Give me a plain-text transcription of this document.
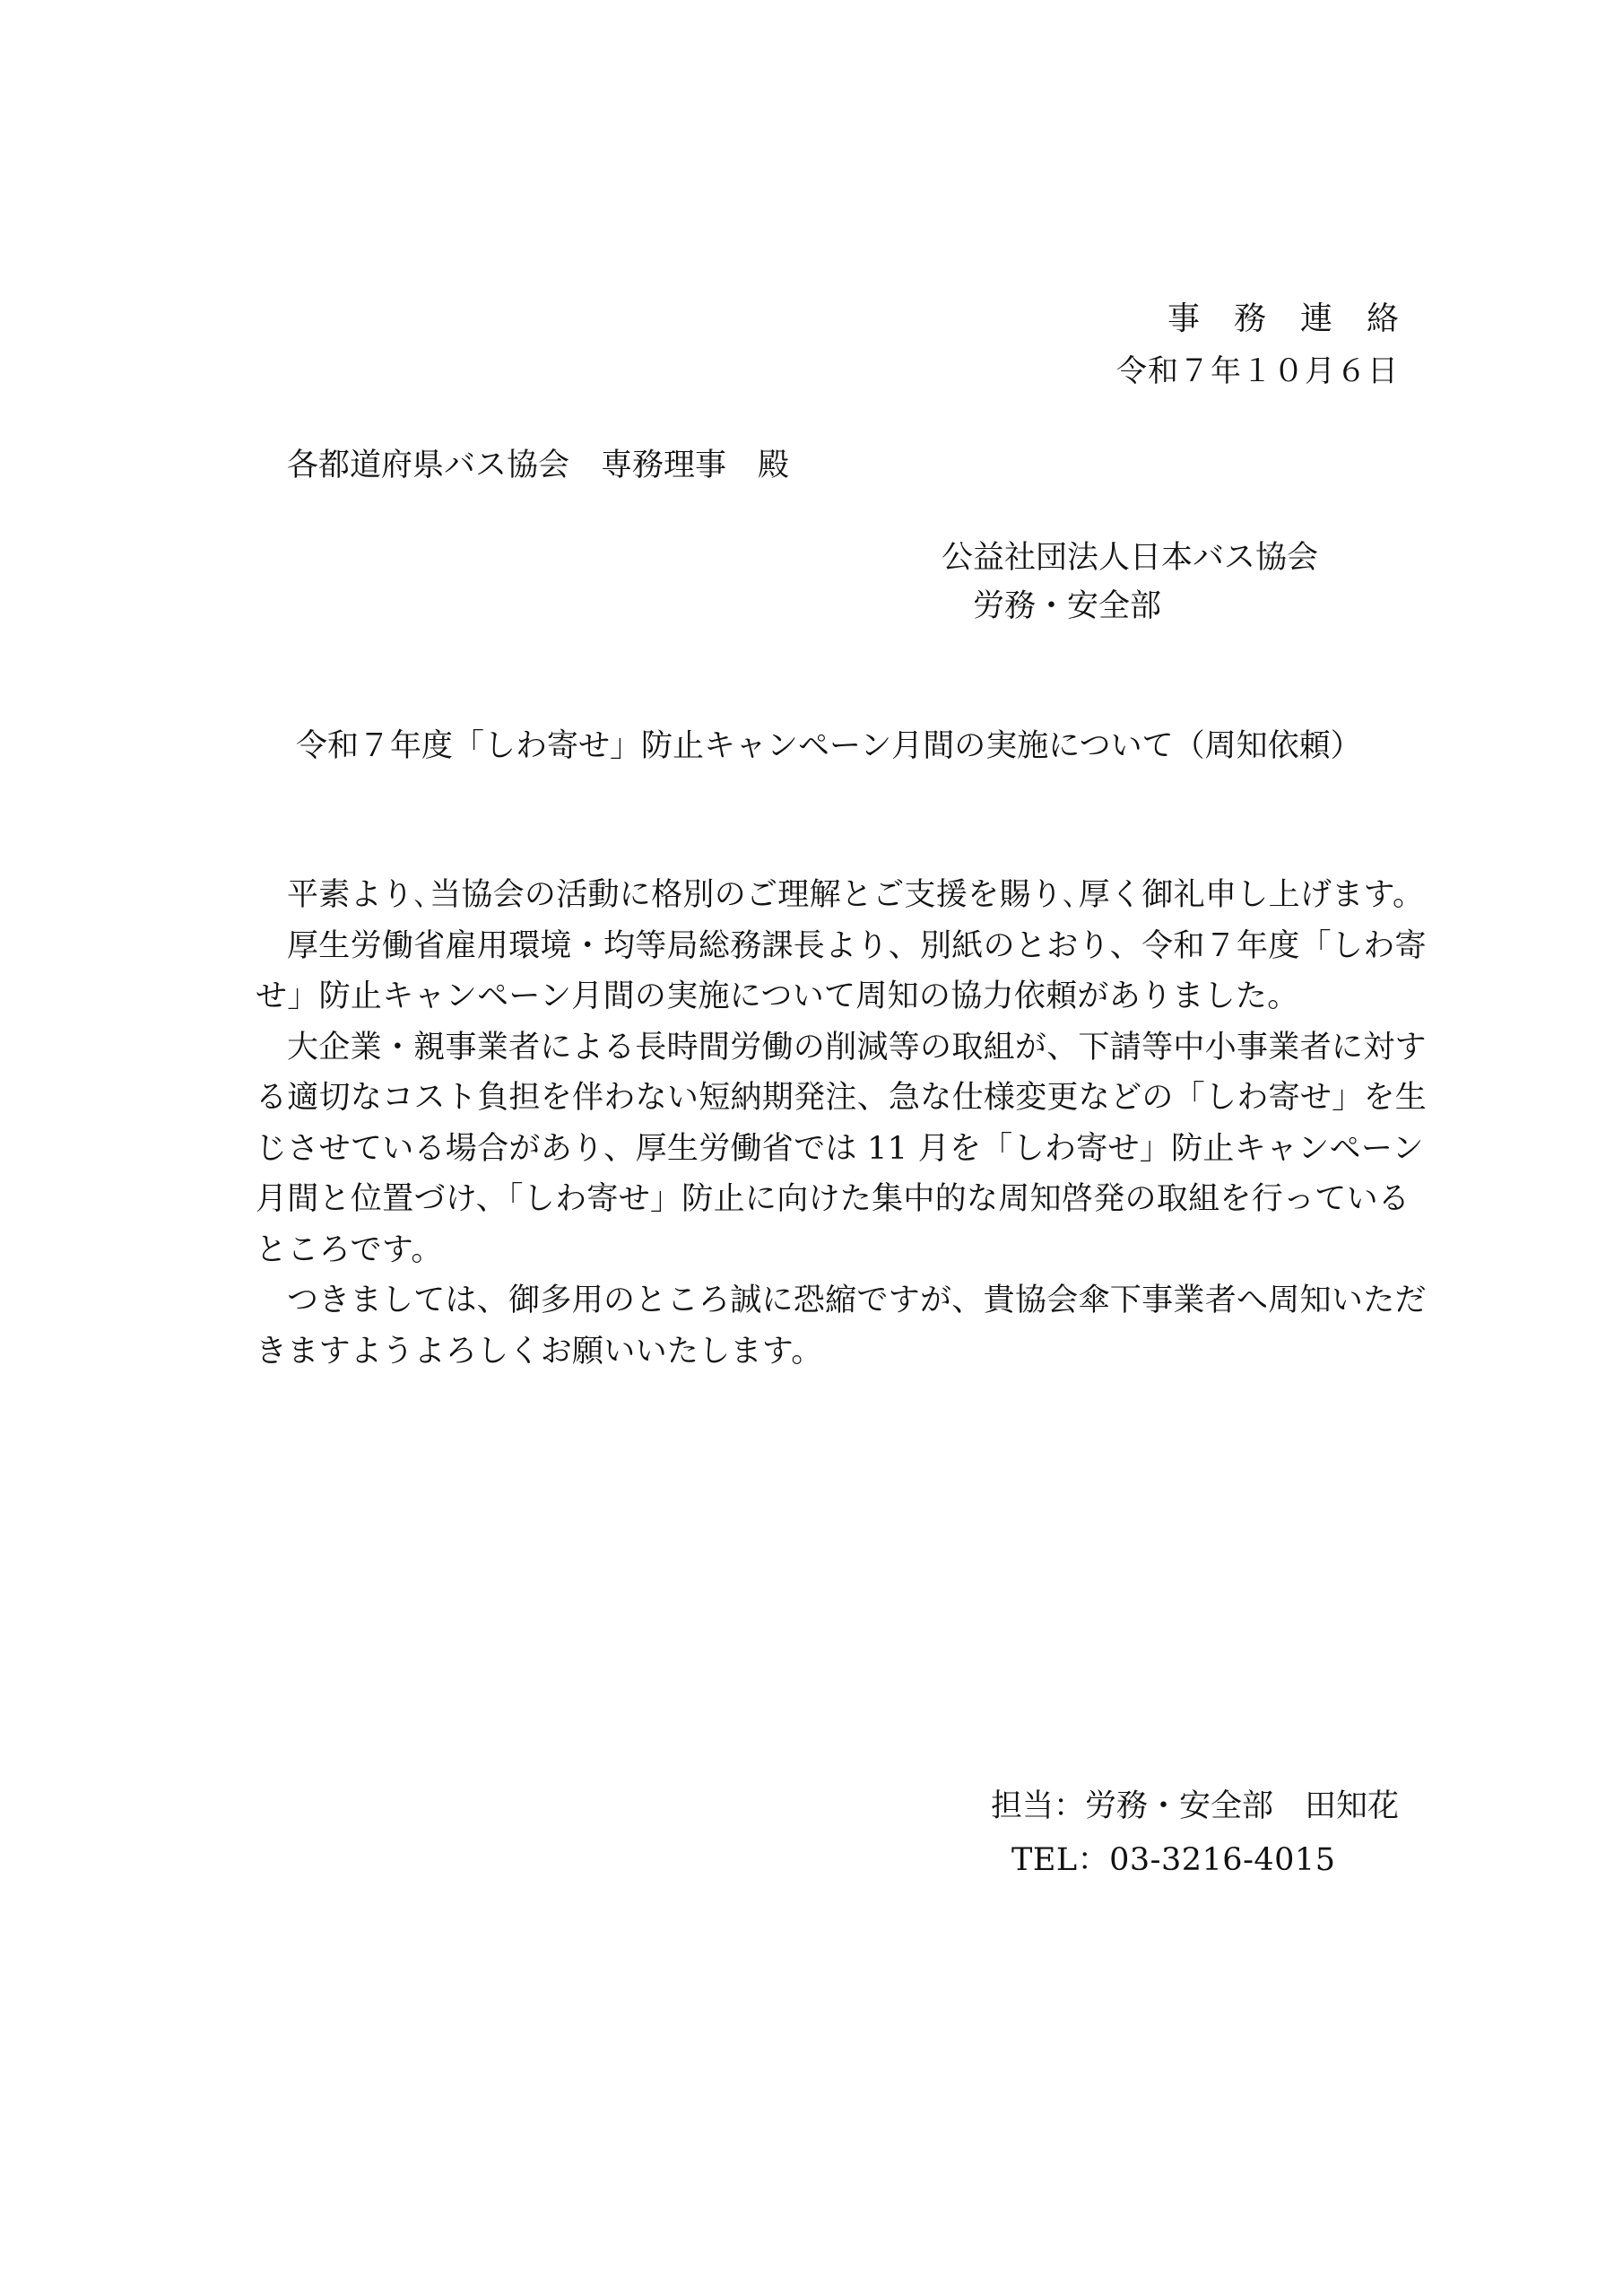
事務連絡
令和７年１０月６日
各都道府県バス協会　専務理事　殿
公益社団法人日本バス協会
労務・安全部
令和７年度「しわ寄せ」防止キャンペーン月間の実施について（周知依頼）
平素より､当協会の活動に格別のご理解とご支援を賜り､厚く御礼申し上げます。
厚生労働省雇用環境・均等局総務課長より、別紙のとおり、令和７年度「しわ寄
せ」防止キャンペーン月間の実施について周知の協力依頼がありました。
大企業・親事業者による長時間労働の削減等の取組が、下請等中小事業者に対す
る適切なコスト負担を伴わない短納期発注、急な仕様変更などの「しわ寄せ」を生
じさせている場合があり、厚生労働省では 11 月を「しわ寄せ」防止キャンペーン
月間と位置づけ、「しわ寄せ」防止に向けた集中的な周知啓発の取組を行っている
ところです。
つきましては、御多用のところ誠に恐縮ですが、貴協会傘下事業者へ周知いただ
きますようよろしくお願いいたします。
担当：労務・安全部　田知花
TEL：03-3216-4015
